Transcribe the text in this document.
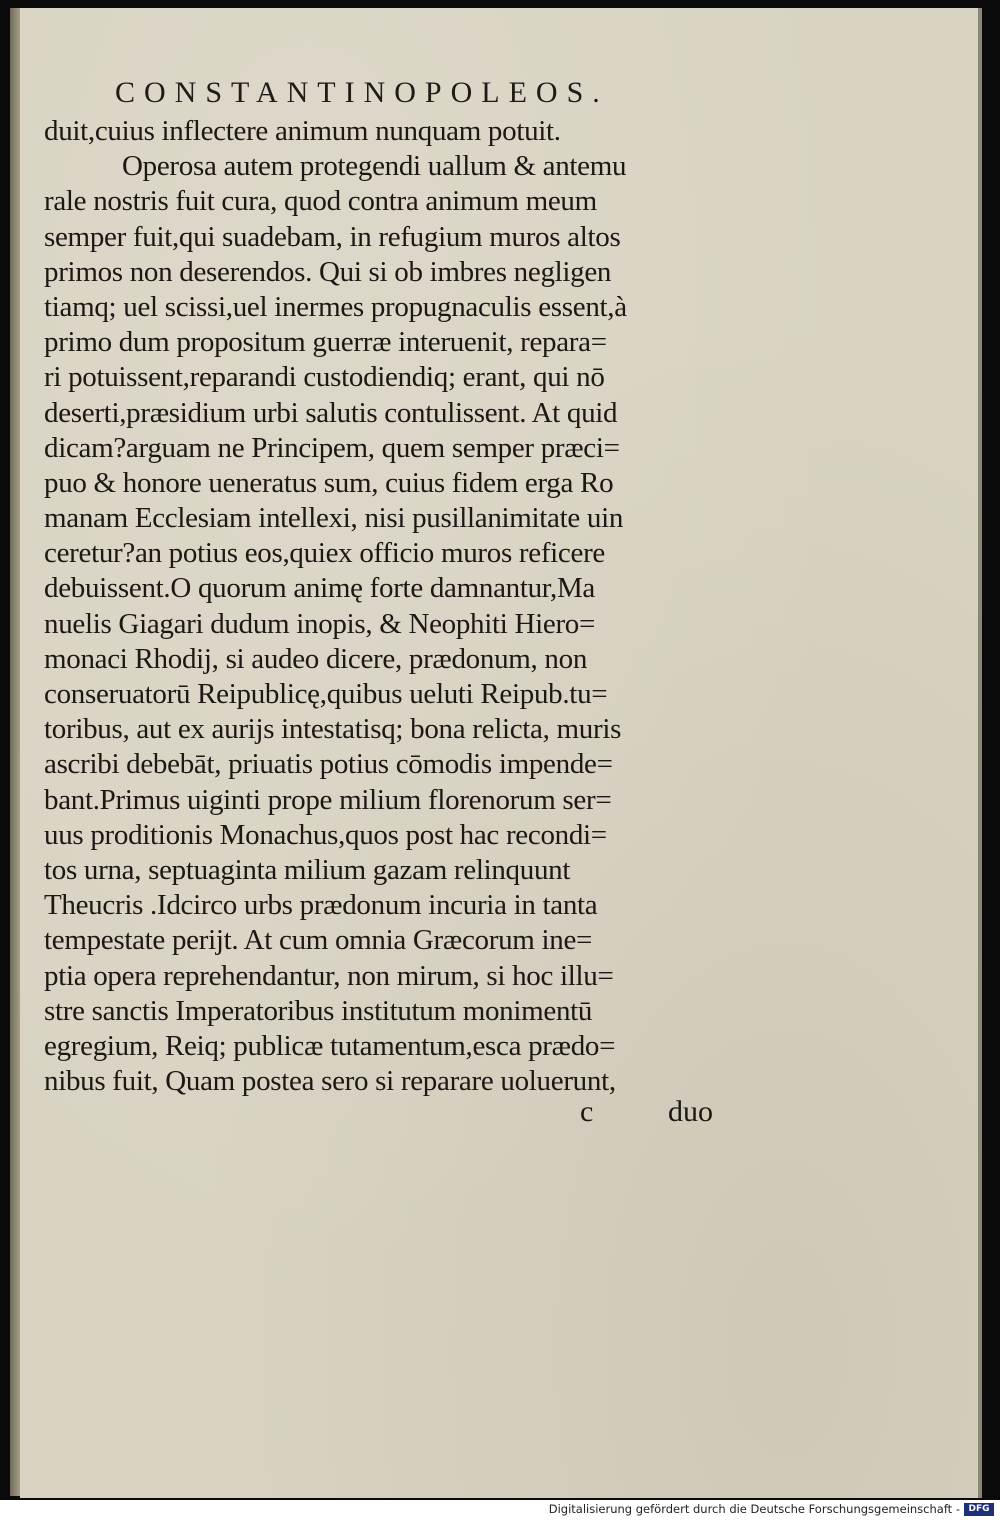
CONSTANTINOPOLEOS.
duit,cuius inflectere animum nunquam potuit.
Operosa autem protegendi uallum & antemu
rale nostris fuit cura, quod contra animum meum
semper fuit,qui suadebam, in refugium muros altos
primos non deserendos. Qui si ob imbres negligen
tiamq; uel scissi,uel inermes propugnaculis essent,à
primo dum propositum guerræ interuenit, repara=
ri potuissent,reparandi custodiendiq; erant, qui nō
deserti,præsidium urbi salutis contulissent. At quid
dicam?arguam ne Principem, quem semper præci=
puo & honore ueneratus sum, cuius fidem erga Ro
manam Ecclesiam intellexi, nisi pusillanimitate uin
ceretur?an potius eos,quiex officio muros reficere
debuissent.O quorum animę forte damnantur,Ma
nuelis Giagari dudum inopis, & Neophiti Hiero=
monaci Rhodij, si audeo dicere, prædonum, non
conseruatorū Reipublicę,quibus ueluti Reipub.tu=
toribus, aut ex aurijs intestatisq; bona relicta, muris
ascribi debebāt, priuatis potius cōmodis impende=
bant.Primus uiginti prope milium florenorum ser=
uus proditionis Monachus,quos post hac recondi=
tos urna, septuaginta milium gazam relinquunt
Theucris .Idcirco urbs prædonum incuria in tanta
tempestate perijt. At cum omnia Græcorum ine=
ptia opera reprehendantur, non mirum, si hoc illu=
stre sanctis Imperatoribus institutum monimentū
egregium, Reiq; publicæ tutamentum,esca prædo=
nibus fuit, Quam postea sero si reparare uoluerunt,
c duo
Digitalisierung gefördert durch die Deutsche Forschungsgemeinschaft - DFG
